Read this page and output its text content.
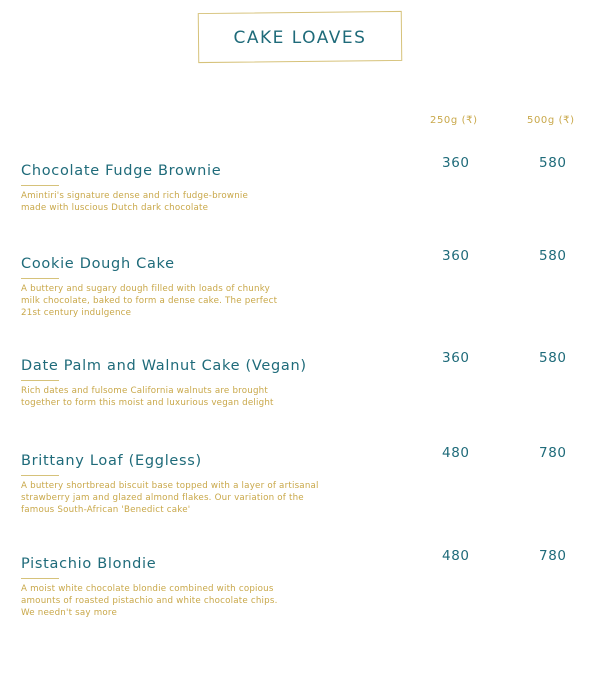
CAKE LOAVES
250g (₹)	500g (₹)
Chocolate Fudge Brownie
Amintiri's signature dense and rich fudge-brownie
made with luscious Dutch dark chocolate
360	580
Cookie Dough Cake
A buttery and sugary dough filled with loads of chunky
milk chocolate, baked to form a dense cake. The perfect
21st century indulgence
360	580
Date Palm and Walnut Cake (Vegan)
Rich dates and fulsome California walnuts are brought
together to form this moist and luxurious vegan delight
360	580
Brittany Loaf (Eggless)
A buttery shortbread biscuit base topped with a layer of artisanal
strawberry jam and glazed almond flakes. Our variation of the
famous South-African 'Benedict cake'
480	780
Pistachio Blondie
A moist white chocolate blondie combined with copious
amounts of roasted pistachio and white chocolate chips.
We needn't say more
480	780
